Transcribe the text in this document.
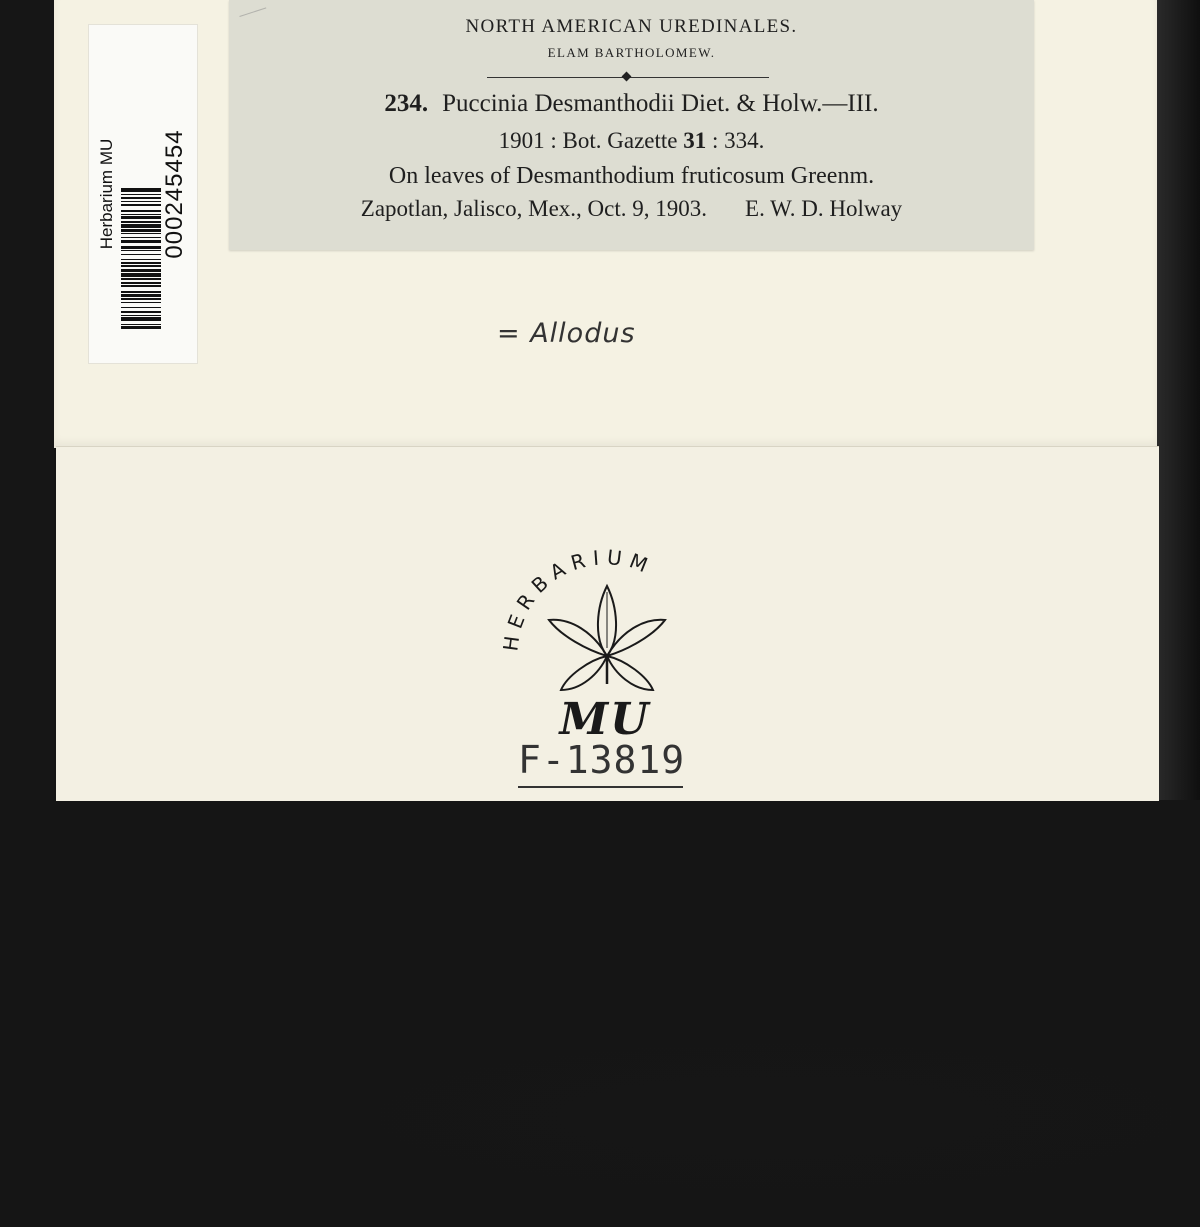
NORTH AMERICAN UREDINALES.
ELAM BARTHOLOMEW.
234. Puccinia Desmanthodii Diet. & Holw.—III.
1901 : Bot. Gazette 31 : 334.
On leaves of Desmanthodium fruticosum Greenm.
Zapotlan, Jalisco, Mex., Oct. 9, 1903. E. W. D. Holway
Herbarium MU 000245454
= Allodus
HERBARIUM
MU
F-13819
